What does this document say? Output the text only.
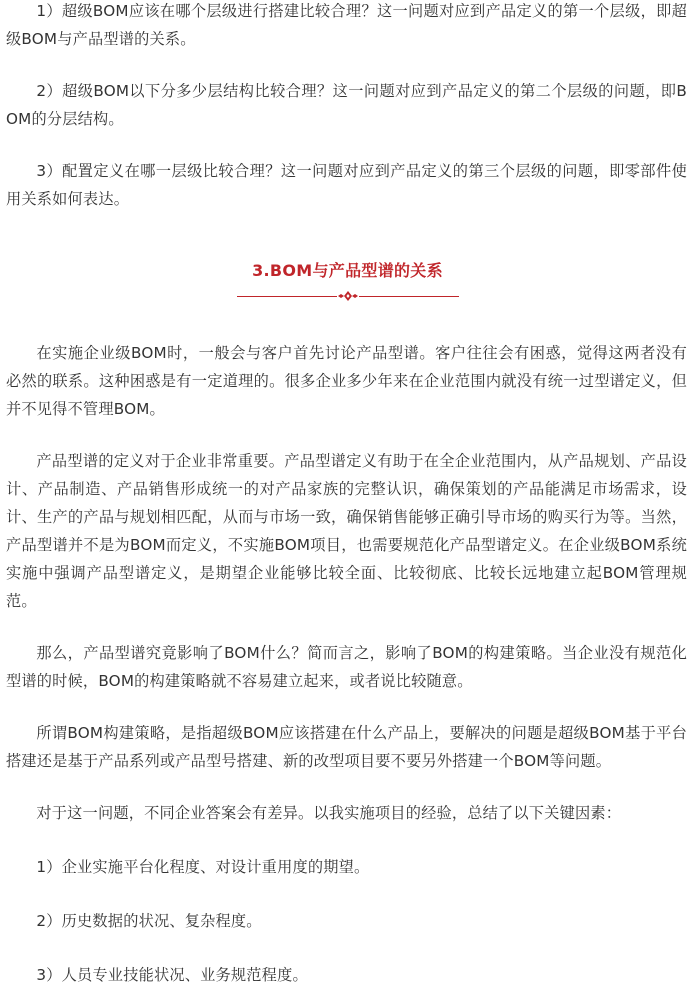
1）超级BOM应该在哪个层级进行搭建比较合理？这一问题对应到产品定义的第一个层级，即超级BOM与产品型谱的关系。

2）超级BOM以下分多少层结构比较合理？这一问题对应到产品定义的第二个层级的问题，即BOM的分层结构。

3）配置定义在哪一层级比较合理？这一问题对应到产品定义的第三个层级的问题，即零部件使用关系如何表达。

3.BOM与产品型谱的关系

在实施企业级BOM时，一般会与客户首先讨论产品型谱。客户往往会有困惑，觉得这两者没有必然的联系。这种困惑是有一定道理的。很多企业多少年来在企业范围内就没有统一过型谱定义，但并不见得不管理BOM。

产品型谱的定义对于企业非常重要。产品型谱定义有助于在全企业范围内，从产品规划、产品设计、产品制造、产品销售形成统一的对产品家族的完整认识，确保策划的产品能满足市场需求，设计、生产的产品与规划相匹配，从而与市场一致，确保销售能够正确引导市场的购买行为等。当然，产品型谱并不是为BOM而定义，不实施BOM项目，也需要规范化产品型谱定义。在企业级BOM系统实施中强调产品型谱定义，是期望企业能够比较全面、比较彻底、比较长远地建立起BOM管理规范。

那么，产品型谱究竟影响了BOM什么？简而言之，影响了BOM的构建策略。当企业没有规范化型谱的时候，BOM的构建策略就不容易建立起来，或者说比较随意。

所谓BOM构建策略，是指超级BOM应该搭建在什么产品上，要解决的问题是超级BOM基于平台搭建还是基于产品系列或产品型号搭建、新的改型项目要不要另外搭建一个BOM等问题。

对于这一问题，不同企业答案会有差异。以我实施项目的经验，总结了以下关键因素：

1）企业实施平台化程度、对设计重用度的期望。

2）历史数据的状况、复杂程度。

3）人员专业技能状况、业务规范程度。
